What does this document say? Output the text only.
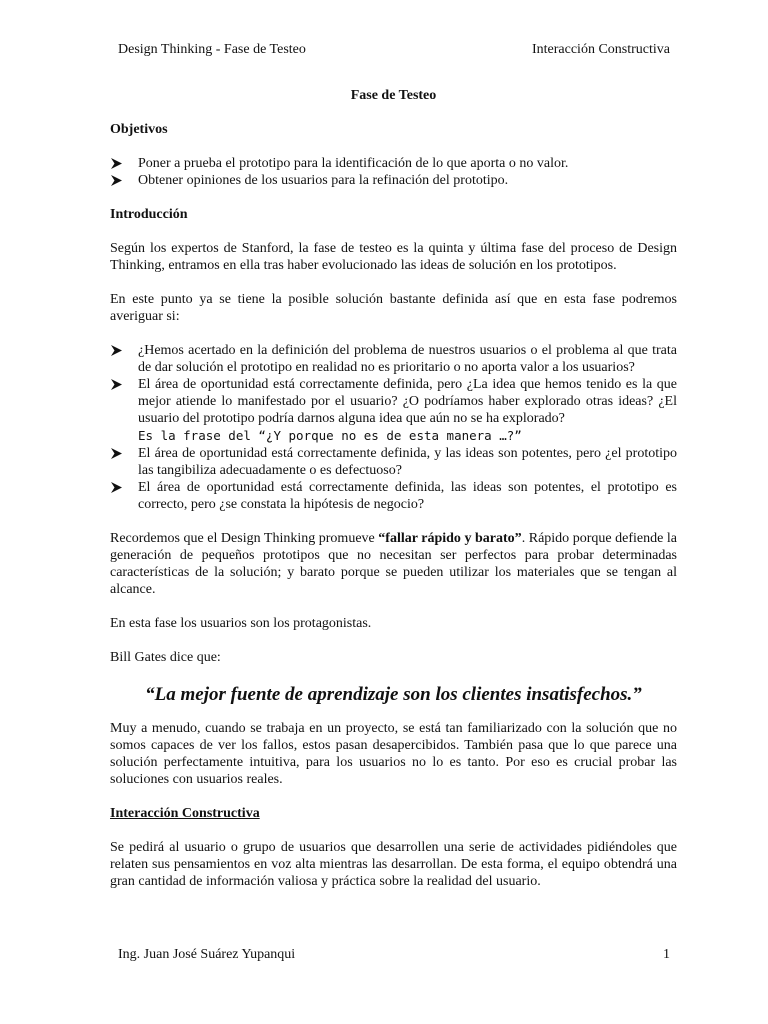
Design Thinking - Fase de Testeo	Interacción Constructiva
Fase de Testeo
Objetivos
Poner a prueba el prototipo para la identificación de lo que aporta o no valor.
Obtener opiniones de los usuarios para la refinación del prototipo.
Introducción

Según los expertos de Stanford, la fase de testeo es la quinta y última fase del proceso de Design Thinking, entramos en ella tras haber evolucionado las ideas de solución en los prototipos.

En este punto ya se tiene la posible solución bastante definida así que en esta fase podremos averiguar si:

¿Hemos acertado en la definición del problema de nuestros usuarios o el problema al que trata de dar solución el prototipo en realidad no es prioritario o no aporta valor a los usuarios?
El área de oportunidad está correctamente definida, pero ¿La idea que hemos tenido es la que mejor atiende lo manifestado por el usuario? ¿O podríamos haber explorado otras ideas? ¿El usuario del prototipo podría darnos alguna idea que aún no se ha explorado?
Es la frase del “¿Y porque no es de esta manera …?”
El área de oportunidad está correctamente definida, y las ideas son potentes, pero ¿el prototipo las tangibiliza adecuadamente o es defectuoso?
El área de oportunidad está correctamente definida, las ideas son potentes, el prototipo es correcto, pero ¿se constata la hipótesis de negocio?

Recordemos que el Design Thinking promueve “fallar rápido y barato”. Rápido porque defiende la generación de pequeños prototipos que no necesitan ser perfectos para probar determinadas características de la solución; y barato porque se pueden utilizar los materiales que se tengan al alcance.

En esta fase los usuarios son los protagonistas.

Bill Gates dice que:

“La mejor fuente de aprendizaje son los clientes insatisfechos.”

Muy a menudo, cuando se trabaja en un proyecto, se está tan familiarizado con la solución que no somos capaces de ver los fallos, estos pasan desapercibidos. También pasa que lo que parece una solución perfectamente intuitiva, para los usuarios no lo es tanto. Por eso es crucial probar las soluciones con usuarios reales.

Interacción Constructiva

Se pedirá al usuario o grupo de usuarios que desarrollen una serie de actividades pidiéndoles que relaten sus pensamientos en voz alta mientras las desarrollan. De esta forma, el equipo obtendrá una gran cantidad de información valiosa y práctica sobre la realidad del usuario.

Ing. Juan José Suárez Yupanqui	1
